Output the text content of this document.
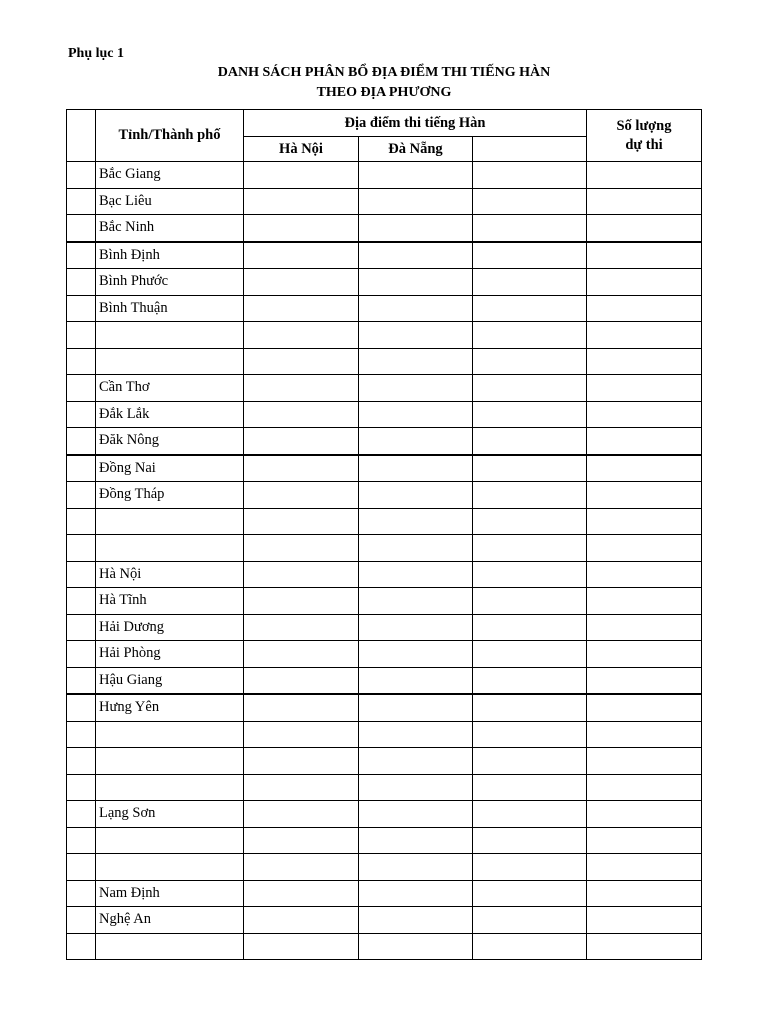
Phụ lục 1
DANH SÁCH PHÂN BỔ ĐỊA ĐIỂM THI TIẾNG HÀN
THEO ĐỊA PHƯƠNG
	Tỉnh/Thành phố	Địa điểm thi tiếng Hàn			Số lượng
dự thi

		Hà Nội	Đà Nẵng		
	Bắc Giang				
	Bạc Liêu				
	Bắc Ninh				
	Bình Định				
	Bình Phước				
	Bình Thuận				

	Cần Thơ				
	Đắk Lắk				
	Đăk Nông				
	Đồng Nai				
	Đồng Tháp				

	Hà Nội				
	Hà Tĩnh				
	Hải Dương				
	Hải Phòng				
	Hậu Giang				
	Hưng Yên				

	Lạng Sơn				

	Nam Định				
	Nghệ An				
